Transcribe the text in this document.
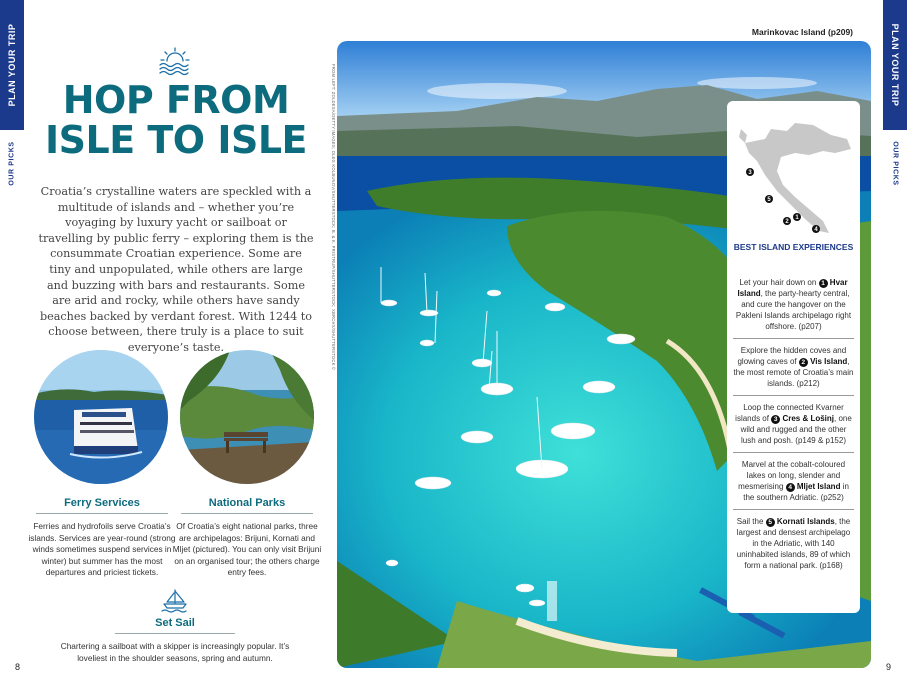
PLAN YOUR TRIP	PLAN YOUR TRIP
OUR PICKS	OUR PICKS
8	9
HOP FROM
ISLE TO ISLE

Croatia’s crystalline waters are speckled with a multitude of islands and – whether you’re voyaging by luxury yacht or sailboat or travelling by public ferry – exploring them is the consummate Croatian experience. Some are tiny and unpopulated, while others are large and buzzing with bars and restaurants. Some are arid and rocky, while others have sandy beaches backed by verdant forest. With 1244 to choose between, there truly is a place to suit everyone’s taste.

Ferry Services

Ferries and hydrofoils serve Croatia’s islands. Services are year-round (strong winds sometimes suspend services in winter) but summer has the most departures and priciest tickets.

National Parks

Of Croatia’s eight national parks, three are archipelagos: Brijuni, Kornati and Mljet (pictured). You can only visit Brijuni on an organised tour; the others charge entry fees.

Set Sail

Chartering a sailboat with a skipper is increasingly popular. It’s loveliest in the shoulder seasons, spring and autumn.

FROM LEFT: ZOLDESA/GETTY IMAGES; OLEG KOLBUNOV/SHUTTERSTOCK; B. & K. PRISTRUP/SHUTTERSTOCK; XBRCHX/SHUTTERSTOCK ©
Marinkovac Island (p209)
3
5
2
1
4
BEST ISLAND EXPERIENCES

Let your hair down on 1 Hvar Island, the party-hearty central, and cure the hangover on the Pakleni Islands archipelago right offshore. (p207)

Explore the hidden coves and glowing caves of 2 Vis Island, the most remote of Croatia’s main islands. (p212)

Loop the connected Kvarner islands of 3 Cres & Lošinj, one wild and rugged and the other lush and posh. (p149 & p152)

Marvel at the cobalt-coloured lakes on long, slender and mesmerising 4 Mljet Island in the southern Adriatic. (p252)

Sail the 5 Kornati Islands, the largest and densest archipelago in the Adriatic, with 140 uninhabited islands, 89 of which form a national park. (p168)
